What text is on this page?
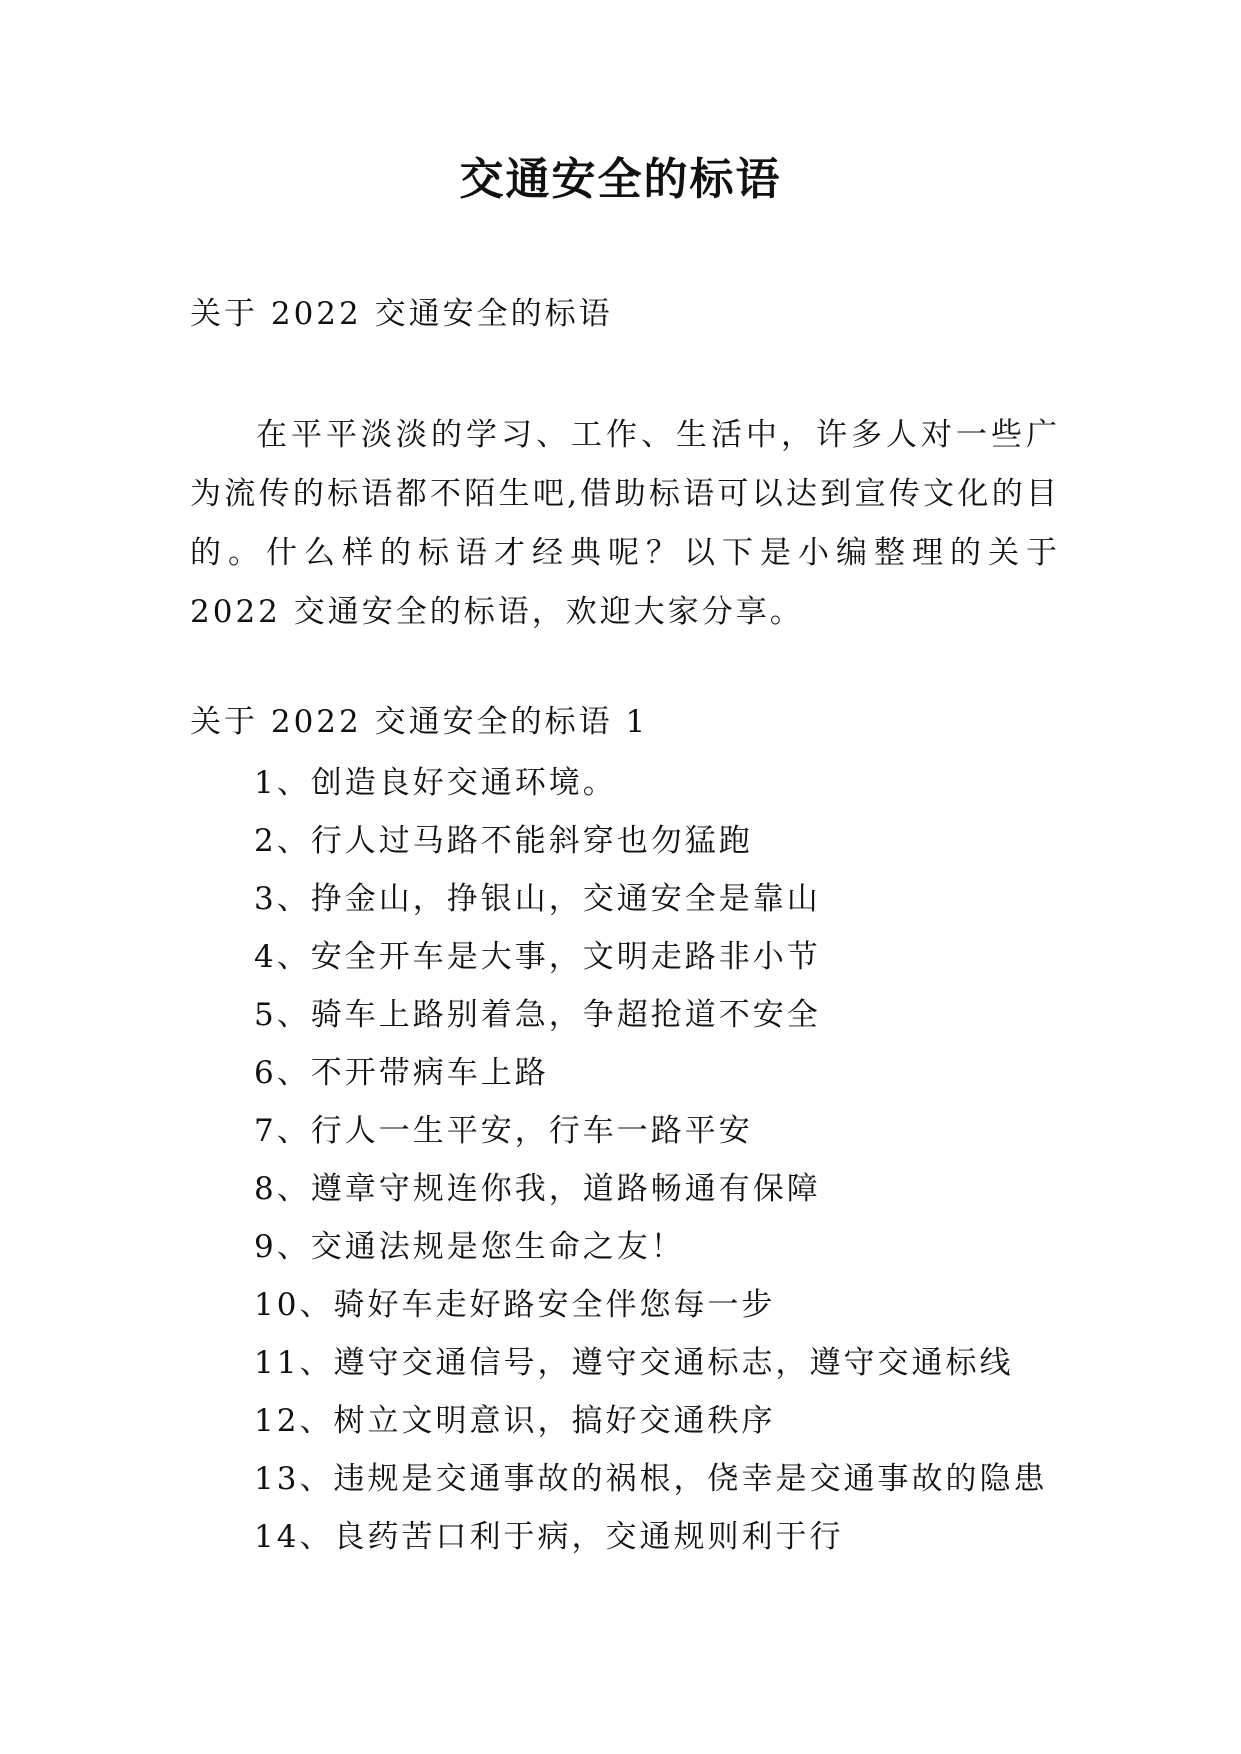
交通安全的标语
关于 2022 交通安全的标语

在平平淡淡的学习、工作、生活中，许多人对一些广为流传的标语都不陌生吧,借助标语可以达到宣传文化的目的。什么样的标语才经典呢？以下是小编整理的关于 2022 交通安全的标语，欢迎大家分享。

关于 2022 交通安全的标语 1
1、创造良好交通环境。
2、行人过马路不能斜穿也勿猛跑
3、挣金山，挣银山，交通安全是靠山
4、安全开车是大事，文明走路非小节
5、骑车上路别着急，争超抢道不安全
6、不开带病车上路
7、行人一生平安，行车一路平安
8、遵章守规连你我，道路畅通有保障
9、交通法规是您生命之友！
10、骑好车走好路安全伴您每一步
11、遵守交通信号，遵守交通标志，遵守交通标线
12、树立文明意识，搞好交通秩序
13、违规是交通事故的祸根，侥幸是交通事故的隐患
14、良药苦口利于病，交通规则利于行
